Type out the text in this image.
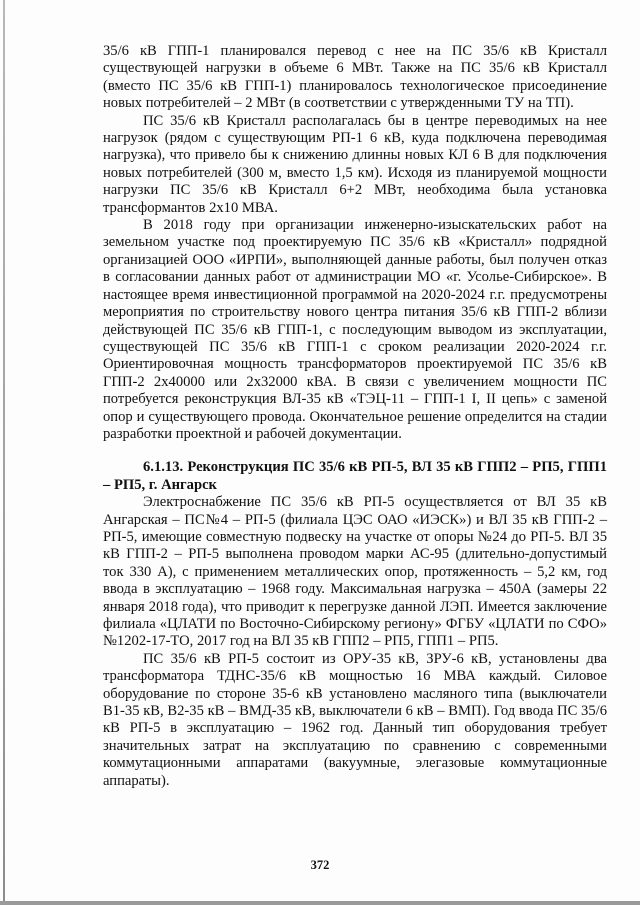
35/6 кВ ГПП-1 планировался перевод с нее на ПС 35/6 кВ Кристалл существующей нагрузки в объеме 6 МВт. Также на ПС 35/6 кВ Кристалл (вместо ПС 35/6 кВ ГПП-1) планировалось технологическое присоединение новых потребителей – 2 МВт (в соответствии с утвержденными ТУ на ТП).

ПС 35/6 кВ Кристалл располагалась бы в центре переводимых на нее нагрузок (рядом с существующим РП-1 6 кВ, куда подключена переводимая нагрузка), что привело бы к снижению длинны новых КЛ 6 В для подключения новых потребителей (300 м, вместо 1,5 км). Исходя из планируемой мощности нагрузки ПС 35/6 кВ Кристалл 6+2 МВт, необходима была установка трансформантов 2х10 МВА.

В 2018 году при организации инженерно-изыскательских работ на земельном участке под проектируемую ПС 35/6 кВ «Кристалл» подрядной организацией ООО «ИРПИ», выполняющей данные работы, был получен отказ в согласовании данных работ от администрации МО «г. Усолье-Сибирское». В настоящее время инвестиционной программой на 2020-2024 г.г. предусмотрены мероприятия по строительству нового центра питания 35/6 кВ ГПП-2 вблизи действующей ПС 35/6 кВ ГПП-1, с последующим выводом из эксплуатации, существующей ПС 35/6 кВ ГПП-1 с сроком реализации 2020-2024 г.г. Ориентировочная мощность трансформаторов проектируемой ПС 35/6 кВ ГПП-2 2х40000 или 2х32000 кВА. В связи с увеличением мощности ПС потребуется реконструкция ВЛ-35 кВ «ТЭЦ-11 – ГПП-1 I, II цепь» с заменой опор и существующего провода. Окончательное решение определится на стадии разработки проектной и рабочей документации.

6.1.13. Реконструкция ПС 35/6 кВ РП-5, ВЛ 35 кВ ГПП2 – РП5, ГПП1 – РП5, г. Ангарск

Электроснабжение ПС 35/6 кВ РП-5 осуществляется от ВЛ 35 кВ Ангарская – ПС№4 – РП-5 (филиала ЦЭС ОАО «ИЭСК») и ВЛ 35 кВ ГПП-2 – РП-5, имеющие совместную подвеску на участке от опоры №24 до РП-5. ВЛ 35 кВ ГПП-2 – РП-5 выполнена проводом марки АС-95 (длительно-допустимый ток 330 А), с применением металлических опор, протяженность – 5,2 км, год ввода в эксплуатацию – 1968 году. Максимальная нагрузка – 450А (замеры 22 января 2018 года), что приводит к перегрузке данной ЛЭП. Имеется заключение филиала «ЦЛАТИ по Восточно-Сибирскому региону» ФГБУ «ЦЛАТИ по СФО» №1202-17-ТО, 2017 год на ВЛ 35 кВ ГПП2 – РП5, ГПП1 – РП5.

ПС 35/6 кВ РП-5 состоит из ОРУ-35 кВ, ЗРУ-6 кВ, установлены два трансформатора ТДНС-35/6 кВ мощностью 16 МВА каждый. Силовое оборудование по стороне 35-6 кВ установлено масляного типа (выключатели В1-35 кВ, В2-35 кВ – ВМД-35 кВ, выключатели 6 кВ – ВМП). Год ввода ПС 35/6 кВ РП-5 в эксплуатацию – 1962 год. Данный тип оборудования требует значительных затрат на эксплуатацию по сравнению с современными коммутационными аппаратами (вакуумные, элегазовые коммутационные аппараты).

372
